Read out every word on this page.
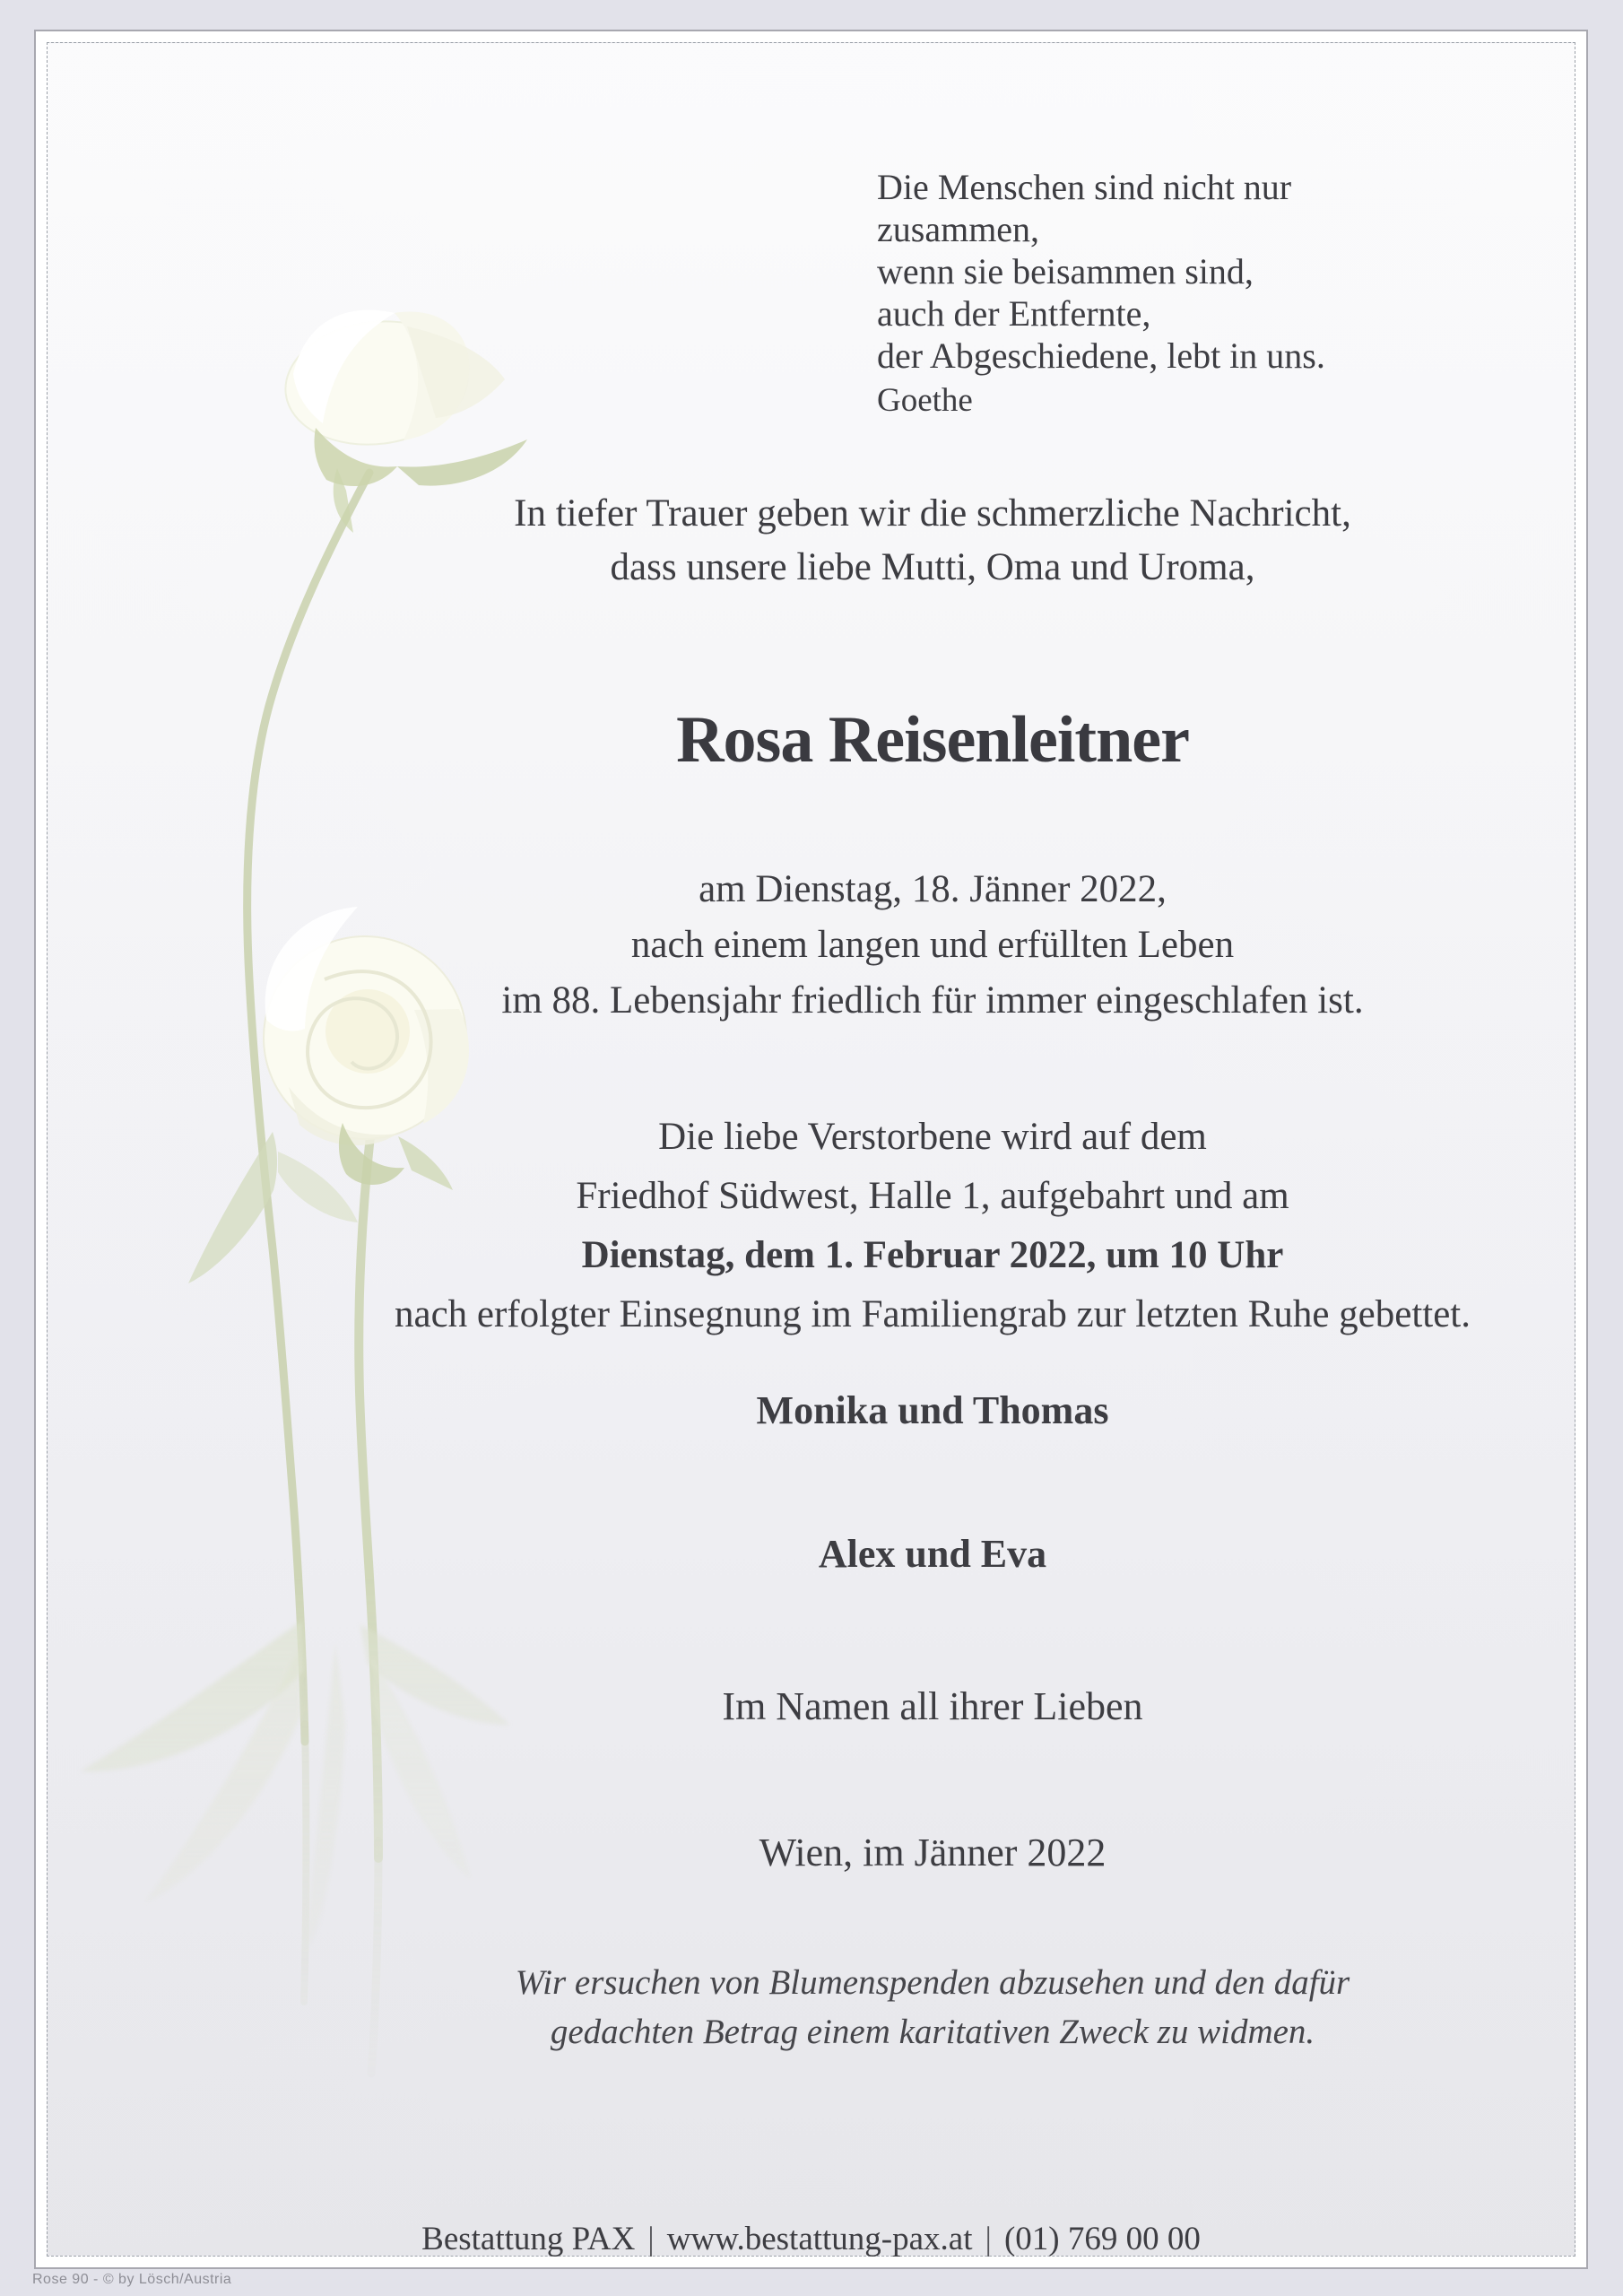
Die Menschen sind nicht nur
zusammen,
wenn sie beisammen sind,
auch der Entfernte,
der Abgeschiedene, lebt in uns.
Goethe
In tiefer Trauer geben wir die schmerzliche Nachricht,
dass unsere liebe Mutti, Oma und Uroma,
Rosa Reisenleitner
am Dienstag, 18. Jänner 2022,
nach einem langen und erfüllten Leben
im 88. Lebensjahr friedlich für immer eingeschlafen ist.
Die liebe Verstorbene wird auf dem
Friedhof Südwest, Halle 1, aufgebahrt und am
Dienstag, dem 1. Februar 2022, um 10 Uhr
nach erfolgter Einsegnung im Familiengrab zur letzten Ruhe gebettet.
Monika und Thomas
Alex und Eva
Im Namen all ihrer Lieben
Wien, im Jänner 2022
Wir ersuchen von Blumenspenden abzusehen und den dafür
gedachten Betrag einem karitativen Zweck zu widmen.
Bestattung PAX | www.bestattung-pax.at | (01) 769 00 00
Rose 90 - © by Lösch/Austria
